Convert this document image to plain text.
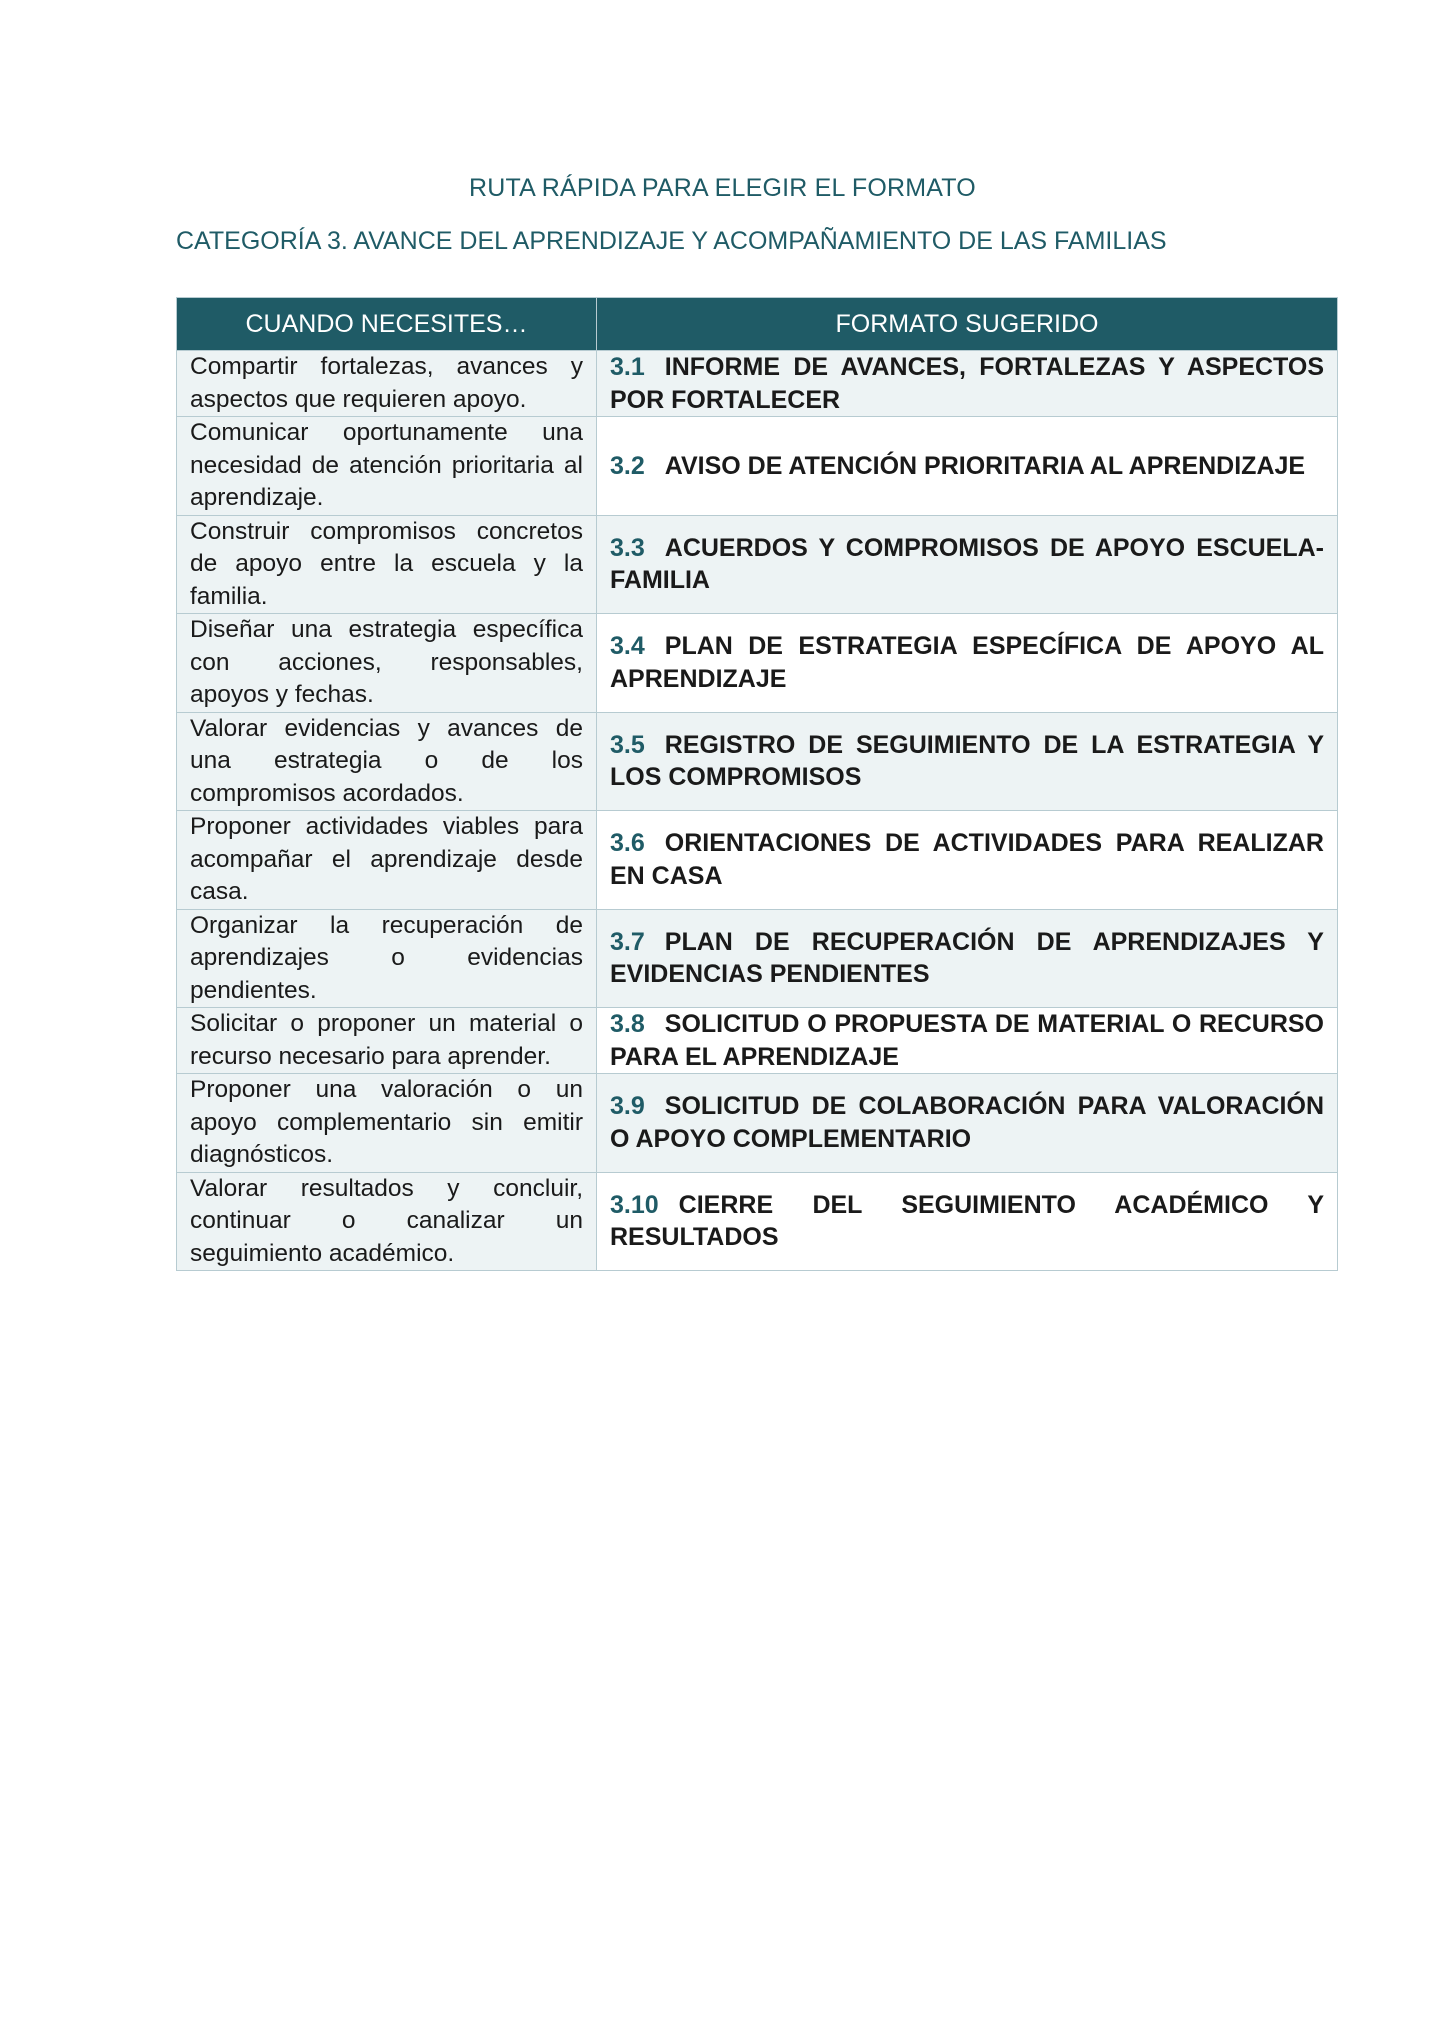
RUTA RÁPIDA PARA ELEGIR EL FORMATO
CATEGORÍA 3. AVANCE DEL APRENDIZAJE Y ACOMPAÑAMIENTO DE LAS FAMILIAS
CUANDO NECESITES…	FORMATO SUGERIDO
Compartir fortalezas, avances y aspectos que requieren apoyo.	3.1 INFORME DE AVANCES, FORTALEZAS Y ASPECTOS POR FORTALECER
Comunicar oportunamente una necesidad de atención prioritaria al aprendizaje.	3.2 AVISO DE ATENCIÓN PRIORITARIA AL APRENDIZAJE
Construir compromisos concretos de apoyo entre la escuela y la familia.	3.3 ACUERDOS Y COMPROMISOS DE APOYO ESCUELA-FAMILIA
Diseñar una estrategia específica con acciones, responsables, apoyos y fechas.	3.4 PLAN DE ESTRATEGIA ESPECÍFICA DE APOYO AL APRENDIZAJE
Valorar evidencias y avances de una estrategia o de los compromisos acordados.	3.5 REGISTRO DE SEGUIMIENTO DE LA ESTRATEGIA Y LOS COMPROMISOS
Proponer actividades viables para acompañar el aprendizaje desde casa.	3.6 ORIENTACIONES DE ACTIVIDADES PARA REALIZAR EN CASA
Organizar la recuperación de aprendizajes o evidencias pendientes.	3.7 PLAN DE RECUPERACIÓN DE APRENDIZAJES Y EVIDENCIAS PENDIENTES
Solicitar o proponer un material o recurso necesario para aprender.	3.8 SOLICITUD O PROPUESTA DE MATERIAL O RECURSO PARA EL APRENDIZAJE
Proponer una valoración o un apoyo complementario sin emitir diagnósticos.	3.9 SOLICITUD DE COLABORACIÓN PARA VALORACIÓN O APOYO COMPLEMENTARIO
Valorar resultados y concluir, continuar o canalizar un seguimiento académico.	3.10 CIERRE DEL SEGUIMIENTO ACADÉMICO Y RESULTADOS
